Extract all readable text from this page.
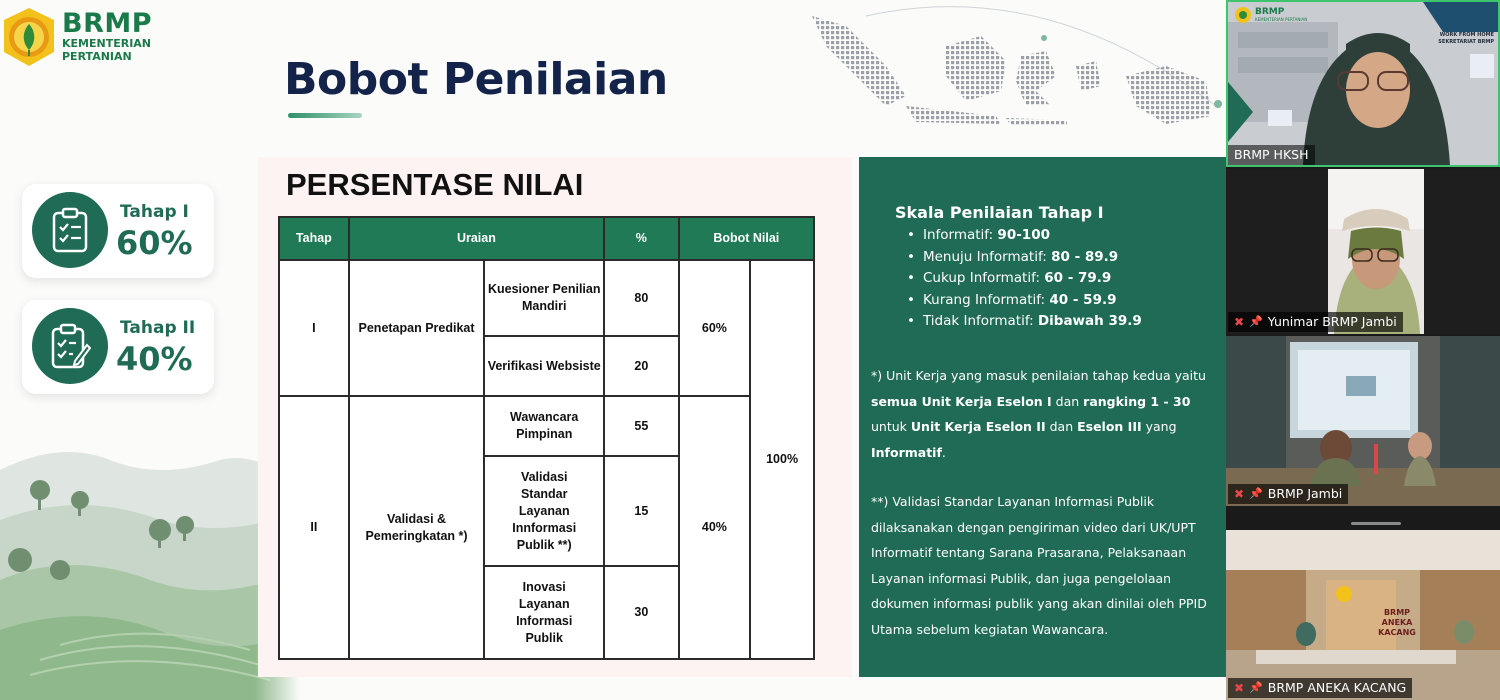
BRMP
KEMENTERIAN
PERTANIAN	Bobot Penilaian
Tahap I
60%
Tahap II
40%
PERSENTASE NILAI
Tahap	Uraian		%	Bobot Nilai	
I	Penetapan Predikat	Kuesioner Penilian Mandiri	80	60%	100%
		Verifikasi Websiste	20		
II	Validasi & Pemeringkatan *)	Wawancara Pimpinan	55	40%	
		Validasi Standar Layanan Innformasi Publik **)	15		
		Inovasi Layanan Informasi Publik	30		
Skala Penilaian Tahap I
• Informatif: 90-100
• Menuju Informatif: 80 - 89.9
• Cukup Informatif: 60 - 79.9
• Kurang Informatif: 40 - 59.9
• Tidak Informatif: Dibawah 39.9

*) Unit Kerja yang masuk penilaian tahap kedua yaitu semua Unit Kerja Eselon I dan rangking 1 - 30 untuk Unit Kerja Eselon II dan Eselon III yang Informatif.

**) Validasi Standar Layanan Informasi Publik dilaksanakan dengan pengiriman video dari UK/UPT Informatif tentang Sarana Prasarana, Pelaksanaan Layanan informasi Publik, dan juga pengelolaan dokumen informasi publik yang akan dinilai oleh PPID Utama sebelum kegiatan Wawancara.

BRMP
KEMENTERIAN PERTANIAN
WORK FROM HOME
SEKRETARIAT BRMP
BRMP HKSH
✖ 📌 Yunimar BRMP Jambi
✖ 📌 BRMP Jambi
BRMP
ANEKA KACANG
✖ 📌 BRMP ANEKA KACANG
